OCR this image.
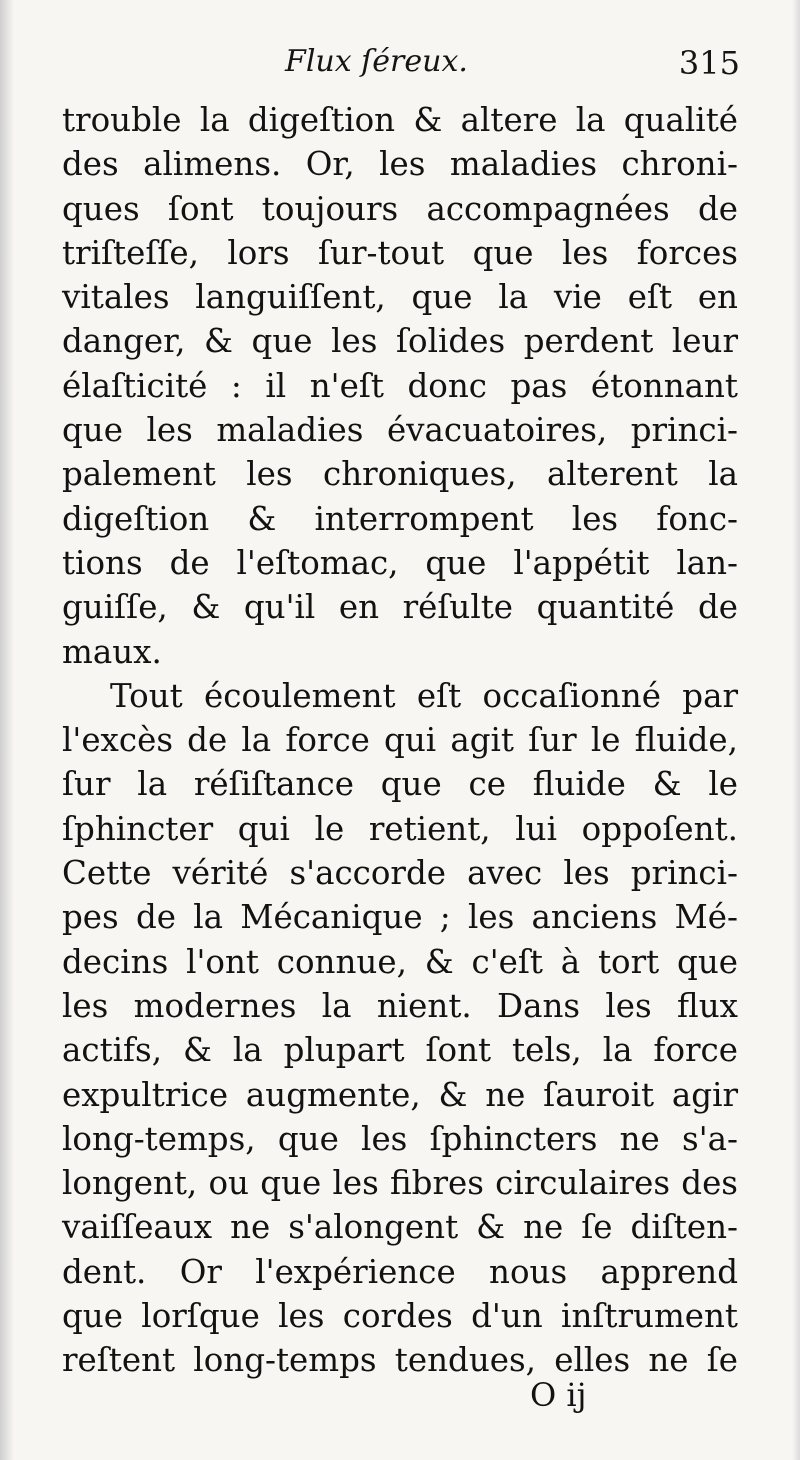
Flux ſéreux.	315
trouble la digeſtion & altere la qualité
des alimens. Or, les maladies chroni-
ques ſont toujours accompagnées de
triſteſſe, lors ſur-tout que les forces
vitales languiſſent, que la vie eſt en
danger, & que les ſolides perdent leur
élaſticité : il n'eſt donc pas étonnant
que les maladies évacuatoires, princi-
palement les chroniques, alterent la
digeſtion & interrompent les fonc-
tions de l'eſtomac, que l'appétit lan-
guiſſe, & qu'il en réſulte quantité de
maux.
Tout écoulement eſt occaſionné par
l'excès de la force qui agit ſur le fluide,
ſur la réſiſtance que ce fluide & le
ſphincter qui le retient, lui oppoſent.
Cette vérité s'accorde avec les princi-
pes de la Mécanique ; les anciens Mé-
decins l'ont connue, & c'eſt à tort que
les modernes la nient. Dans les flux
actifs, & la plupart ſont tels, la force
expultrice augmente, & ne ſauroit agir
long-temps, que les ſphincters ne s'a-
longent, ou que les fibres circulaires des
vaiſſeaux ne s'alongent & ne ſe diſten-
dent. Or l'expérience nous apprend
que lorſque les cordes d'un inſtrument
reſtent long-temps tendues, elles ne ſe
O ij
